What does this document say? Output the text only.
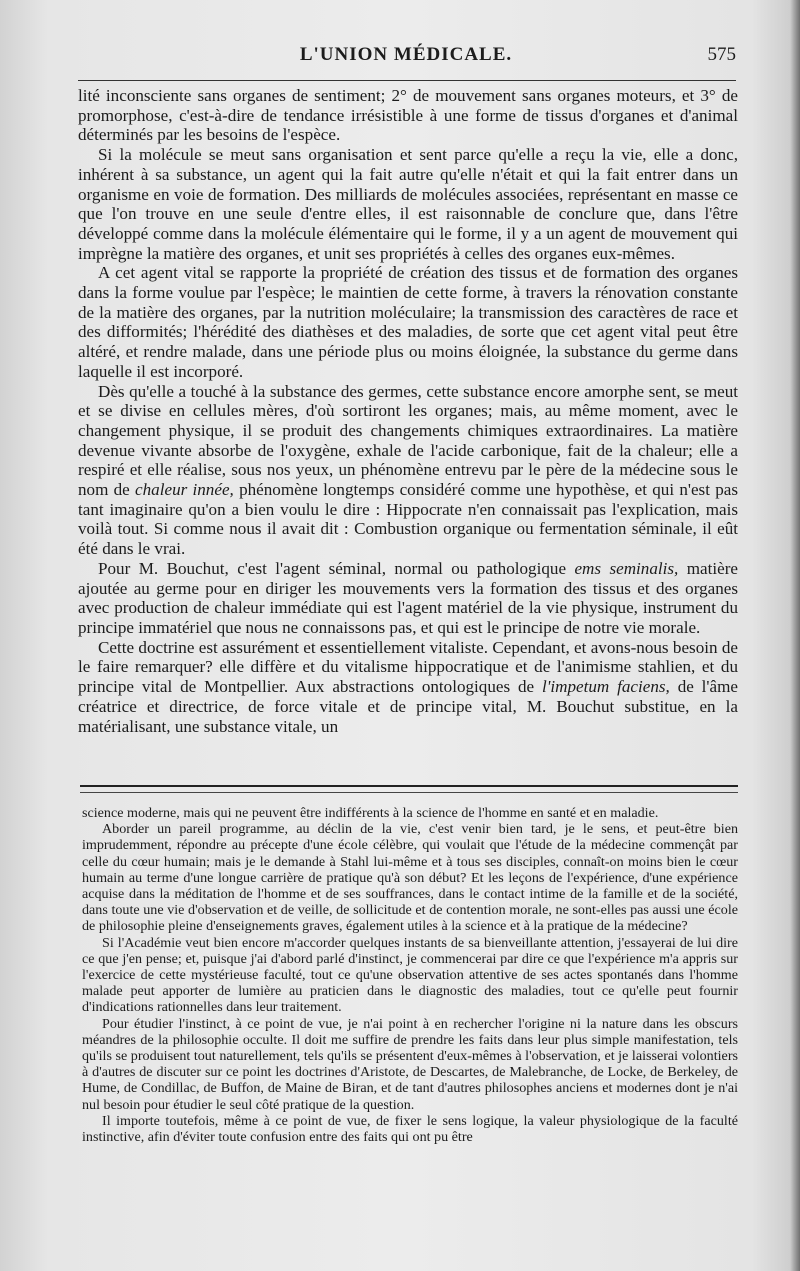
L'UNION MÉDICALE.	575

lité inconsciente sans organes de sentiment; 2° de mouvement sans organes moteurs, et 3° de promorphose, c'est-à-dire de tendance irrésistible à une forme de tissus d'organes et d'animal déterminés par les besoins de l'espèce.

Si la molécule se meut sans organisation et sent parce qu'elle a reçu la vie, elle a donc, inhérent à sa substance, un agent qui la fait autre qu'elle n'était et qui la fait entrer dans un organisme en voie de formation. Des milliards de molécules associées, représentant en masse ce que l'on trouve en une seule d'entre elles, il est raisonnable de conclure que, dans l'être développé comme dans la molécule élémentaire qui le forme, il y a un agent de mouvement qui imprègne la matière des organes, et unit ses propriétés à celles des organes eux-mêmes.

A cet agent vital se rapporte la propriété de création des tissus et de formation des organes dans la forme voulue par l'espèce; le maintien de cette forme, à travers la rénovation constante de la matière des organes, par la nutrition moléculaire; la transmission des caractères de race et des difformités; l'hérédité des diathèses et des maladies, de sorte que cet agent vital peut être altéré, et rendre malade, dans une période plus ou moins éloignée, la substance du germe dans laquelle il est incorporé.

Dès qu'elle a touché à la substance des germes, cette substance encore amorphe sent, se meut et se divise en cellules mères, d'où sortiront les organes; mais, au même moment, avec le changement physique, il se produit des changements chimiques extraordinaires. La matière devenue vivante absorbe de l'oxygène, exhale de l'acide carbonique, fait de la chaleur; elle a respiré et elle réalise, sous nos yeux, un phénomène entrevu par le père de la médecine sous le nom de chaleur innée, phénomène longtemps considéré comme une hypothèse, et qui n'est pas tant imaginaire qu'on a bien voulu le dire : Hippocrate n'en connaissait pas l'explication, mais voilà tout. Si comme nous il avait dit : Combustion organique ou fermentation séminale, il eût été dans le vrai.

Pour M. Bouchut, c'est l'agent séminal, normal ou pathologique ems seminalis, matière ajoutée au germe pour en diriger les mouvements vers la formation des tissus et des organes avec production de chaleur immédiate qui est l'agent matériel de la vie physique, instrument du principe immatériel que nous ne connaissons pas, et qui est le principe de notre vie morale.

Cette doctrine est assurément et essentiellement vitaliste. Cependant, et avons-nous besoin de le faire remarquer? elle diffère et du vitalisme hippocratique et de l'animisme stahlien, et du principe vital de Montpellier. Aux abstractions ontologiques de l'impetum faciens, de l'âme créatrice et directrice, de force vitale et de principe vital, M. Bouchut substitue, en la matérialisant, une substance vitale, un

science moderne, mais qui ne peuvent être indifférents à la science de l'homme en santé et en maladie.

Aborder un pareil programme, au déclin de la vie, c'est venir bien tard, je le sens, et peut-être bien imprudemment, répondre au précepte d'une école célèbre, qui voulait que l'étude de la médecine commençât par celle du cœur humain; mais je le demande à Stahl lui-même et à tous ses disciples, connaît-on moins bien le cœur humain au terme d'une longue carrière de pratique qu'à son début? Et les leçons de l'expérience, d'une expérience acquise dans la méditation de l'homme et de ses souffrances, dans le contact intime de la famille et de la société, dans toute une vie d'observation et de veille, de sollicitude et de contention morale, ne sont-elles pas aussi une école de philosophie pleine d'enseignements graves, également utiles à la science et à la pratique de la médecine?

Si l'Académie veut bien encore m'accorder quelques instants de sa bienveillante attention, j'essayerai de lui dire ce que j'en pense; et, puisque j'ai d'abord parlé d'instinct, je commencerai par dire ce que l'expérience m'a appris sur l'exercice de cette mystérieuse faculté, tout ce qu'une observation attentive de ses actes spontanés dans l'homme malade peut apporter de lumière au praticien dans le diagnostic des maladies, tout ce qu'elle peut fournir d'indications rationnelles dans leur traitement.

Pour étudier l'instinct, à ce point de vue, je n'ai point à en rechercher l'origine ni la nature dans les obscurs méandres de la philosophie occulte. Il doit me suffire de prendre les faits dans leur plus simple manifestation, tels qu'ils se produisent tout naturellement, tels qu'ils se présentent d'eux-mêmes à l'observation, et je laisserai volontiers à d'autres de discuter sur ce point les doctrines d'Aristote, de Descartes, de Malebranche, de Locke, de Berkeley, de Hume, de Condillac, de Buffon, de Maine de Biran, et de tant d'autres philosophes anciens et modernes dont je n'ai nul besoin pour étudier le seul côté pratique de la question.

Il importe toutefois, même à ce point de vue, de fixer le sens logique, la valeur physiologique de la faculté instinctive, afin d'éviter toute confusion entre des faits qui ont pu être
